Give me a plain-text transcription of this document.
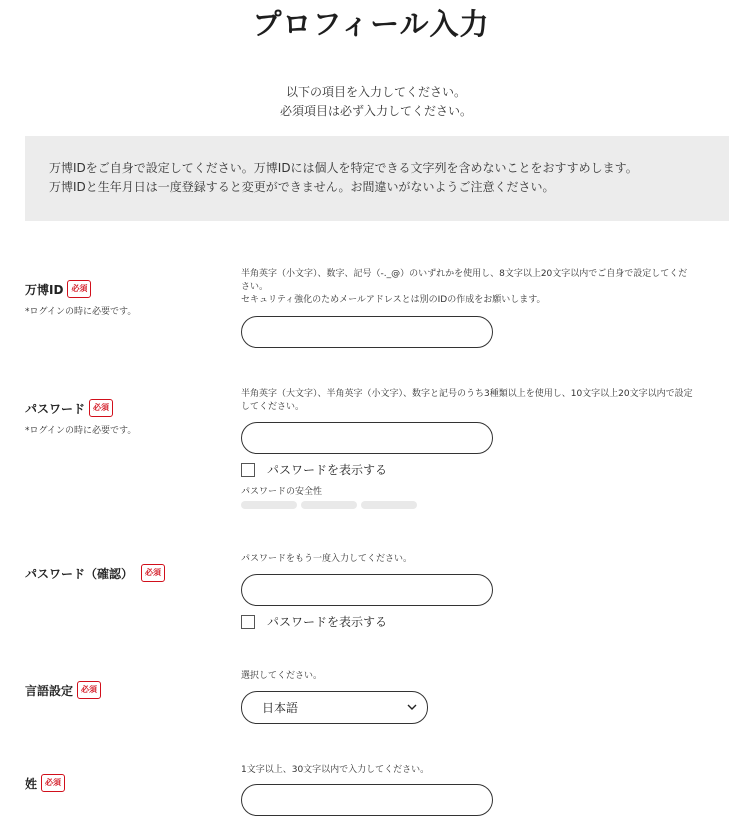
プロフィール入力
以下の項目を入力してください。
必須項目は必ず入力してください。
万博IDをご自身で設定してください。万博IDには個人を特定できる文字列を含めないことをおすすめします。
万博IDと生年月日は一度登録すると変更ができません。お間違いがないようご注意ください。
万博ID	必須
*ログインの時に必要です。
半角英字（小文字）、数字、記号（-._@）のいずれかを使用し、8文字以上20文字以内でご自身で設定してくだ
さい。
セキュリティ強化のためメールアドレスとは別のIDの作成をお願いします。
パスワード	必須
*ログインの時に必要です。
半角英字（大文字）、半角英字（小文字）、数字と記号のうち3種類以上を使用し、10文字以上20文字以内で設定
してください。
パスワードを表示する
パスワードの安全性
パスワード（確認）	必須
パスワードをもう一度入力してください。
パスワードを表示する
言語設定	必須
選択してください。
日本語
姓	必須
1文字以上、30文字以内で入力してください。
